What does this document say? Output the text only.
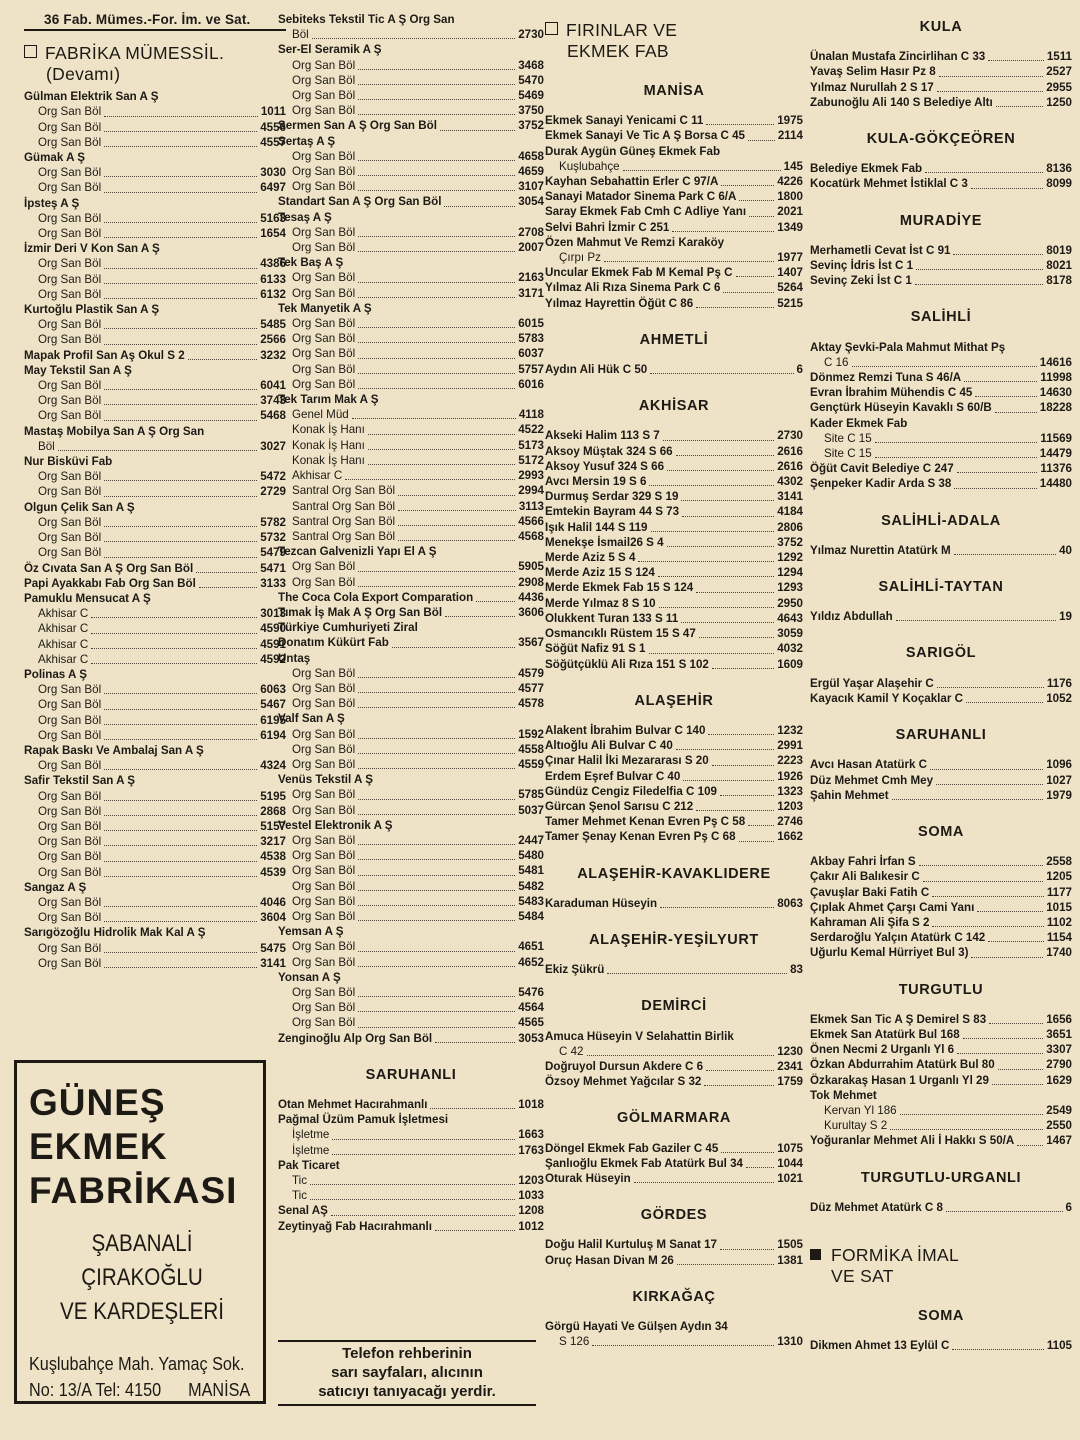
36 Fab. Mümes.-For. İm. ve Sat.
FABRİKA MÜMESSİL.
(Devamı)
Gülman Elektrik San A Ş
Org San Böl	1011
Org San Böl	4556
Org San Böl	4557
Gümak A Ş
Org San Böl	3030
Org San Böl	6497
İpsteş A Ş
Org San Böl	5163
Org San Böl	1654
İzmir Deri V Kon San A Ş
Org San Böl	4386
Org San Böl	6133
Org San Böl	6132
Kurtoğlu Plastik San A Ş
Org San Böl	5485
Org San Böl	2566
Mapak Profil San Aş Okul S 2	3232
May Tekstil San A Ş
Org San Böl	6041
Org San Böl	3743
Org San Böl	5468
Mastaş Mobilya San A Ş Org San
Böl	3027
Nur Bisküvi Fab
Org San Böl	5472
Org San Böl	2729
Olgun Çelik San A Ş
Org San Böl	5782
Org San Böl	5732
Org San Böl	5479
Öz Cıvata San A Ş Org San Böl	5471
Papi Ayakkabı Fab Org San Böl	3133
Pamuklu Mensucat A Ş
Akhisar C	3013
Akhisar C	4590
Akhisar C	4591
Akhisar C	4592
Polinas A Ş
Org San Böl	6063
Org San Böl	5467
Org San Böl	6195
Org San Böl	6194
Rapak Baskı Ve Ambalaj San A Ş
Org San Böl	4324
Safir Tekstil San A Ş
Org San Böl	5195
Org San Böl	2868
Org San Böl	5157
Org San Böl	3217
Org San Böl	4538
Org San Böl	4539
Sangaz A Ş
Org San Böl	4046
Org San Böl	3604
Sarıgözoğlu Hidrolik Mak Kal A Ş
Org San Böl	5475
Org San Böl	3141
GÜNEŞ
EKMEK
FABRİKASI
ŞABANALİ ÇIRAKOĞLU
VE KARDEŞLERİ
Kuşlubahçe Mah. Yamaç Sok.
No: 13/A Tel: 4150      MANİSA
Sebiteks Tekstil Tic A Ş Org San
Böl	2730
Ser-El Seramik A Ş
Org San Böl	3468
Org San Böl	5470
Org San Böl	5469
Org San Böl	3750
Sermen San A Ş Org San Böl	3752
Sertaş A Ş
Org San Böl	4658
Org San Böl	4659
Org San Böl	3107
Standart San A Ş Org San Böl	3054
Tesaş A Ş
Org San Böl	2708
Org San Böl	2007
Tek Baş A Ş
Org San Böl	2163
Org San Böl	3171
Tek Manyetik A Ş
Org San Böl	6015
Org San Böl	5783
Org San Böl	6037
Org San Böl	5757
Org San Böl	6016
Tek Tarım Mak A Ş
Genel Müd	4118
Konak İş Hanı	4522
Konak İş Hanı	5173
Konak İş Hanı	5172
Akhisar C	2993
Santral Org San Böl	2994
Santral Org San Böl	3113
Santral Org San Böl	4566
Santral Org San Böl	4568
Tezcan Galvenizli Yapı El A Ş
Org San Böl	5905
Org San Böl	2908
The Coca Cola Export Comparation	4436
Tımak İş Mak A Ş Org San Böl	3606
Türkiye Cumhuriyeti Ziral
Donatım Kükürt Fab	3567
Untaş
Org San Böl	4579
Org San Böl	4577
Org San Böl	4578
Valf San A Ş
Org San Böl	1592
Org San Böl	4558
Org San Böl	4559
Venüs Tekstil A Ş
Org San Böl	5785
Org San Böl	5037
Vestel Elektronik A Ş
Org San Böl	2447
Org San Böl	5480
Org San Böl	5481
Org San Böl	5482
Org San Böl	5483
Org San Böl	5484
Yemsan A Ş
Org San Böl	4651
Org San Böl	4652
Yonsan A Ş
Org San Böl	5476
Org San Böl	4564
Org San Böl	4565
Zenginoğlu Alp Org San Böl	3053
SARUHANLI
Otan Mehmet Hacırahmanlı	1018
Pağmal Üzüm Pamuk İşletmesi
İşletme	1663
İşletme	1763
Pak Ticaret
Tic	1203
Tic	1033
Senal AŞ	1208
Zeytinyağ Fab Hacırahmanlı	1012
Telefon rehberinin
sarı sayfaları, alıcının
satıcıyı tanıyacağı yerdir.
FIRINLAR VE
EKMEK FAB
MANİSA
Ekmek Sanayi Yenicami C 11	1975
Ekmek Sanayi Ve Tic A Ş Borsa C 45	2114
Durak Aygün Güneş Ekmek Fab
Kuşlubahçe	145
Kayhan Sebahattin Erler C 97/A	4226
Sanayi Matador Sinema Park C 6/A	1800
Saray Ekmek Fab Cmh C Adliye Yanı	2021
Selvi Bahri İzmir C 251	1349
Özen Mahmut Ve Remzi Karaköy
Çırpı Pz	1977
Uncular Ekmek Fab M Kemal Pş C	1407
Yılmaz Ali Rıza Sinema Park C 6	5264
Yılmaz Hayrettin Öğüt C 86	5215
AHMETLİ
Aydın Ali Hük C 50	6
AKHİSAR
Akseki Halim 113 S 7	2730
Aksoy Müştak 324 S 66	2616
Aksoy Yusuf 324 S 66	2616
Avcı Mersin 19 S 6	4302
Durmuş Serdar 329 S 19	3141
Emtekin Bayram 44 S 73	4184
Işık Halil 144 S 119	2806
Menekşe İsmail26 S 4	3752
Merde Aziz 5 S 4	1292
Merde Aziz 15 S 124	1294
Merde Ekmek Fab 15 S 124	1293
Merde Yılmaz 8 S 10	2950
Olukkent Turan 133 S 11	4643
Osmancıklı Rüstem 15 S 47	3059
Söğüt Nafiz 91 S 1	4032
Söğütçüklü Ali Rıza 151 S 102	1609
ALAŞEHİR
Alakent İbrahim Bulvar C 140	1232
Altıoğlu Ali Bulvar C 40	2991
Çınar Halil İki Mezararası S 20	2223
Erdem Eşref Bulvar C 40	1926
Gündüz Cengiz Filedelfia C 109	1323
Gürcan Şenol Sarısu C 212	1203
Tamer Mehmet Kenan Evren Pş C 58	2746
Tamer Şenay Kenan Evren Pş C 68	1662
ALAŞEHİR-KAVAKLIDERE
Karaduman Hüseyin	8063
ALAŞEHİR-YEŞİLYURT
Ekiz Şükrü	83
DEMİRCİ
Amuca Hüseyin V Selahattin Birlik
C 42	1230
Doğruyol Dursun Akdere C 6	2341
Özsoy Mehmet Yağcılar S 32	1759
GÖLMARMARA
Döngel Ekmek Fab Gaziler C 45	1075
Şanlıoğlu Ekmek Fab Atatürk Bul 34	1044
Oturak Hüseyin	1021
GÖRDES
Doğu Halil Kurtuluş M Sanat 17	1505
Oruç Hasan Divan M 26	1381
KIRKAĞAÇ
Görgü Hayati Ve Gülşen Aydın 34
S 126	1310
KULA
Ünalan Mustafa Zincirlihan C 33	1511
Yavaş Selim Hasır Pz 8	2527
Yılmaz Nurullah 2 S 17	2955
Zabunoğlu Ali 140 S Belediye Altı	1250
KULA-GÖKÇEÖREN
Belediye Ekmek Fab	8136
Kocatürk Mehmet İstiklal C 3	8099
MURADİYE
Merhametli Cevat İst C 91	8019
Sevinç İdris İst C 1	8021
Sevinç Zeki İst C 1	8178
SALİHLİ
Aktay Şevki-Pala Mahmut Mithat Pş
C 16	14616
Dönmez Remzi Tuna S 46/A	11998
Evran İbrahim Mühendis C 45	14630
Gençtürk Hüseyin Kavaklı S 60/B	18228
Kader Ekmek Fab
Site C 15	11569
Site C 15	14479
Öğüt Cavit Belediye C 247	11376
Şenpeker Kadir Arda S 38	14480
SALİHLİ-ADALA
Yılmaz Nurettin Atatürk M	40
SALİHLİ-TAYTAN
Yıldız Abdullah	19
SARIGÖL
Ergül Yaşar Alaşehir C	1176
Kayacık Kamil Y Koçaklar C	1052
SARUHANLI
Avcı Hasan Atatürk C	1096
Düz Mehmet Cmh Mey	1027
Şahin Mehmet	1979
SOMA
Akbay Fahri İrfan S	2558
Çakır Ali Balıkesir C	1205
Çavuşlar Baki Fatih C	1177
Çıplak Ahmet Çarşı Cami Yanı	1015
Kahraman Ali Şifa S 2	1102
Serdaroğlu Yalçın Atatürk C 142	1154
Uğurlu Kemal Hürriyet Bul 3)	1740
TURGUTLU
Ekmek San Tic A Ş Demirel S 83	1656
Ekmek San Atatürk Bul 168	3651
Önen Necmi 2 Urganlı Yl 6	3307
Özkan Abdurrahim Atatürk Bul 80	2790
Özkarakaş Hasan 1 Urganlı Yl 29	1629
Tok Mehmet
Kervan Yl 186	2549
Kurultay S 2	2550
Yoğuranlar Mehmet Ali İ Hakkı S 50/A	1467
TURGUTLU-URGANLI
Düz Mehmet Atatürk C 8	6
FORMİKA İMAL
VE SAT
SOMA
Dikmen Ahmet 13 Eylül C	1105
